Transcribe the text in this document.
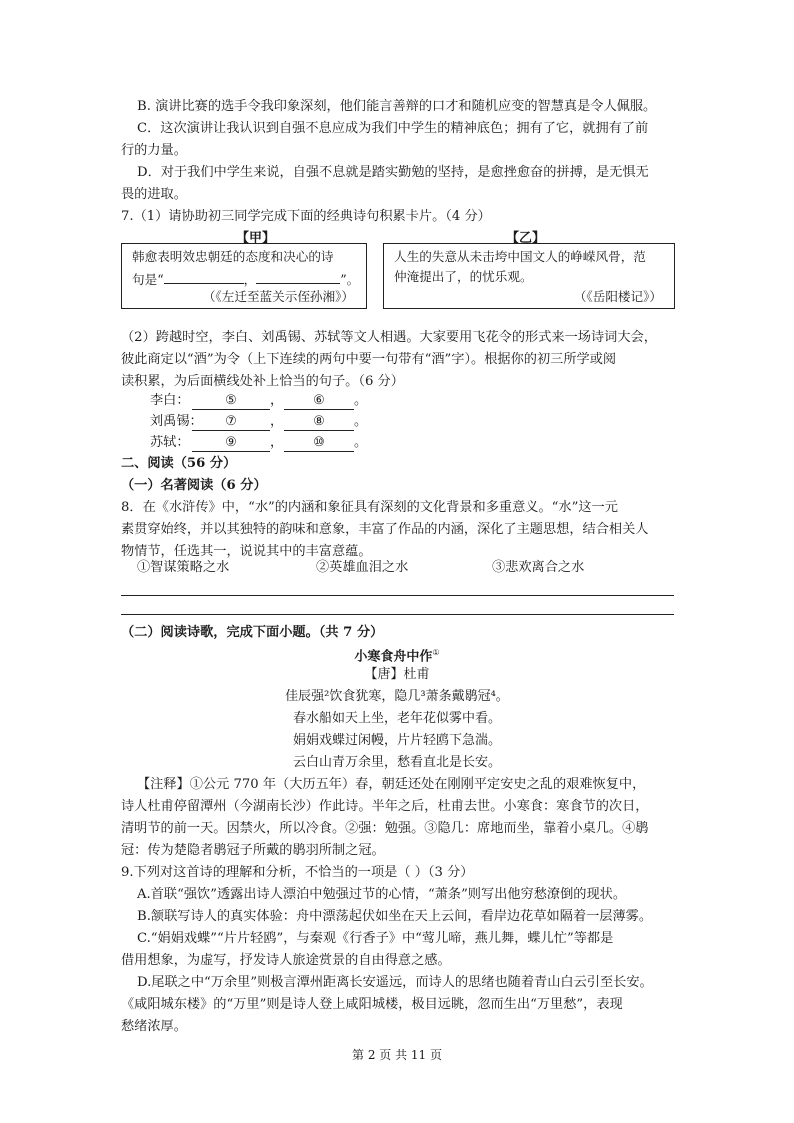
B. 演讲比赛的选手令我印象深刻，他们能言善辩的口才和随机应变的智慧真是令人佩服。
C．这次演讲让我认识到自强不息应成为我们中学生的精神底色；拥有了它，就拥有了前
行的力量。
D．对于我们中学生来说，自强不息就是踏实勤勉的坚持，是愈挫愈奋的拼搏，是无惧无
畏的进取。
7.（1）请协助初三同学完成下面的经典诗句积累卡片。（4 分）
【甲】	【乙】
韩愈表明效忠朝廷的态度和决心的诗
句是“	，	”。
（《左迁至蓝关示侄孙湘》）
人生的失意从未击垮中国文人的峥嵘风骨，范
仲淹提出了，的忧乐观。
（《岳阳楼记》）
（2）跨越时空，李白、刘禹锡、苏轼等文人相遇。大家要用飞花令的形式来一场诗词大会，
彼此商定以“酒”为令（上下连续的两句中要一句带有“酒”字）。根据你的初三所学或阅
读积累，为后面横线处补上恰当的句子。（6 分）
李白：	⑤	， ⑥ 。
刘禹锡： ⑦	， ⑧ 。
苏轼：	⑨	， ⑩ 。
二、阅读（56 分）
（一）名著阅读（6 分）
8．在《水浒传》中，“水”的内涵和象征具有深刻的文化背景和多重意义。“水”这一元
素贯穿始终，并以其独特的韵味和意象，丰富了作品的内涵，深化了主题思想，结合相关人
物情节，任选其一，说说其中的丰富意蕴。
①智谋策略之水	②英雄血泪之水	③悲欢离合之水
（二）阅读诗歌，完成下面小题。（共 7 分）
小寒食舟中作①
【唐】杜甫
佳辰强²饮食犹寒，隐几³萧条戴鹖冠⁴。
春水船如天上坐，老年花似雾中看。
娟娟戏蝶过闲幔，片片轻鸥下急湍。
云白山青万余里，愁看直北是长安。
【注释】①公元 770 年（大历五年）春，朝廷还处在刚刚平定安史之乱的艰难恢复中，
诗人杜甫停留潭州（今湖南长沙）作此诗。半年之后，杜甫去世。小寒食：寒食节的次日，
清明节的前一天。因禁火，所以冷食。②强：勉强。③隐几：席地而坐，靠着小桌几。④鹖
冠：传为楚隐者鹖冠子所戴的鹖羽所制之冠。
9.下列对这首诗的理解和分析，不恰当的一项是（ ）（3 分）
A.首联“强饮”透露出诗人漂泊中勉强过节的心情，“萧条”则写出他穷愁潦倒的现状。
B.颔联写诗人的真实体验：舟中漂荡起伏如坐在天上云间，看岸边花草如隔着一层薄雾。
C.“娟娟戏蝶”“片片轻鸥”，与秦观《行香子》中“莺儿啼，燕儿舞，蝶儿忙”等都是
借用想象，为虚写，抒发诗人旅途赏景的自由得意之感。
D.尾联之中“万余里”则极言潭州距离长安遥远，而诗人的思绪也随着青山白云引至长安。
《咸阳城东楼》的“万里”则是诗人登上咸阳城楼，极目远眺，忽而生出“万里愁”，表现
愁绪浓厚。
第 2 页 共 11 页
